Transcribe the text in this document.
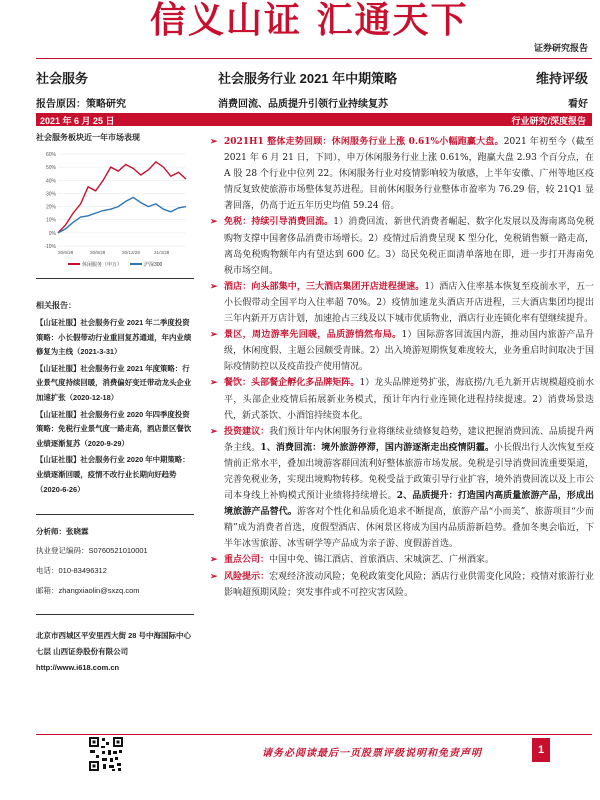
信义山证 汇通天下
证券研究报告
社会服务	社会服务行业 2021 年中期策略	维持评级
报告原因：策略研究	消费回流、品质提升引领行业持续复苏	看好
2021 年 6 月 25 日	行业研究/深度报告
社会服务板块近一年市场表现
-10%
0%
10%
20%
30%
40%
50%
60%
20/6/28	20/9/28	20/12/28	21/3/28
休闲服务（申万）	沪深300
相关报告：
【山证社服】社会服务行业 2021 年二季度投资策略：小长假带动行业重回复苏通道，年内业绩修复为主线（2021-3-31）
【山证社服】社会服务行业 2021 年度策略：行业景气度持续回暖，消费偏好变迁带动龙头企业加速扩张（2020-12-18）
【山证社服】社会服务行业 2020 年四季度投资策略：免税行业景气度一路走高，酒店景区餐饮业绩逐渐复苏（2020-9-29）
【山证社服】社会服务行业 2020 年中期策略：业绩逐渐回暖，疫情不改行业长期向好趋势（2020-6-26）
分析师：张晓霖
执业登记编码：S0760521010001
电话：010-83496312
邮箱：zhangxiaolin@sxzq.com
北京市西城区平安里西大街 28 号中海国际中心七层 山西证券股份有限公司
http://www.i618.com.cn
➢ 2021H1 整体走势回顾：休闲服务行业上涨 0.61%小幅跑赢大盘。2021 年初至今（截至 2021 年 6 月 21 日，下同），申万休闲服务行业上涨 0.61%，跑赢大盘 2.93 个百分点，在 A 股 28 个行业中位列 22。休闲服务行业对疫情影响较为敏感，上半年安徽、广州等地区疫情反复致使旅游市场整体复苏进程。目前休闲服务行业整体市盈率为 76.29 倍，较 21Q1 显著回落，仍高于近五年历史均值 59.24 倍。
➢ 免税：持续引导消费回流。1）消费回流、新世代消费者崛起、数字化发展以及海南离岛免税购物支撑中国奢侈品消费市场增长。2）疫情过后消费呈现 K 型分化，免税销售额一路走高，离岛免税购物额年内有望达到 600 亿。3）岛民免税正面清单落地在即，进一步打开海南免税市场空间。
➢ 酒店：向头部集中，三大酒店集团开店进程提速。1）酒店入住率基本恢复至疫前水平，五一小长假带动全国平均入住率超 70%。2）疫情加速龙头酒店开店进程，三大酒店集团均提出三年内新开万店计划，加速抢占三线及以下城市优质物业，酒店行业连锁化率有望继续提升。
➢ 景区，周边游率先回暖，品质游悄然布局。1）国际游客回流国内游，推动国内旅游产品升级，休闲度假、主题公园颇受青睐。2）出入境游短期恢复难度较大，业务重启时间取决于国际疫情防控以及疫苗投产使用情况。
➢ 餐饮：头部餐企孵化多品牌矩阵。1）龙头品牌逆势扩张，海底捞/九毛九新开店规模超疫前水平，头部企业疫情后拓展新业务模式，预计年内行业连锁化进程持续提速。2）消费场景迭代，新式茶饮、小酒馆持续资本化。
➢ 投资建议：我们预计年内休闲服务行业将继续业绩修复趋势，建议把握消费回流、品质提升两条主线。1、消费回流：境外旅游停滞，国内游逐渐走出疫情阴霾。小长假出行人次恢复至疫情前正常水平，叠加出境游客群回流利好整体旅游市场发展。免税是引导消费回流重要渠道，完善免税业务，实现出境购物转移。免税受益于政策引导行业扩容，境外消费回流以及上市公司本身线上补购模式预计业绩将持续增长。2、品质提升：打造国内高质量旅游产品，形成出境旅游产品替代。游客对个性化和品质化追求不断提高，旅游产品“小而美”、旅游项目“少而精”成为消费者首选，度假型酒店、休闲景区将成为国内品质游新趋势。叠加冬奥会临近，下半年冰雪旅游、冰雪研学等产品成为亲子游、度假游首选。
➢ 重点公司：中国中免、锦江酒店、首旅酒店、宋城演艺、广州酒家。
➢ 风险提示：宏观经济波动风险；免税政策变化风险；酒店行业供需变化风险；疫情对旅游行业影响超预期风险；突发事件或不可控灾害风险。
请务必阅读最后一页股票评级说明和免责声明	1
